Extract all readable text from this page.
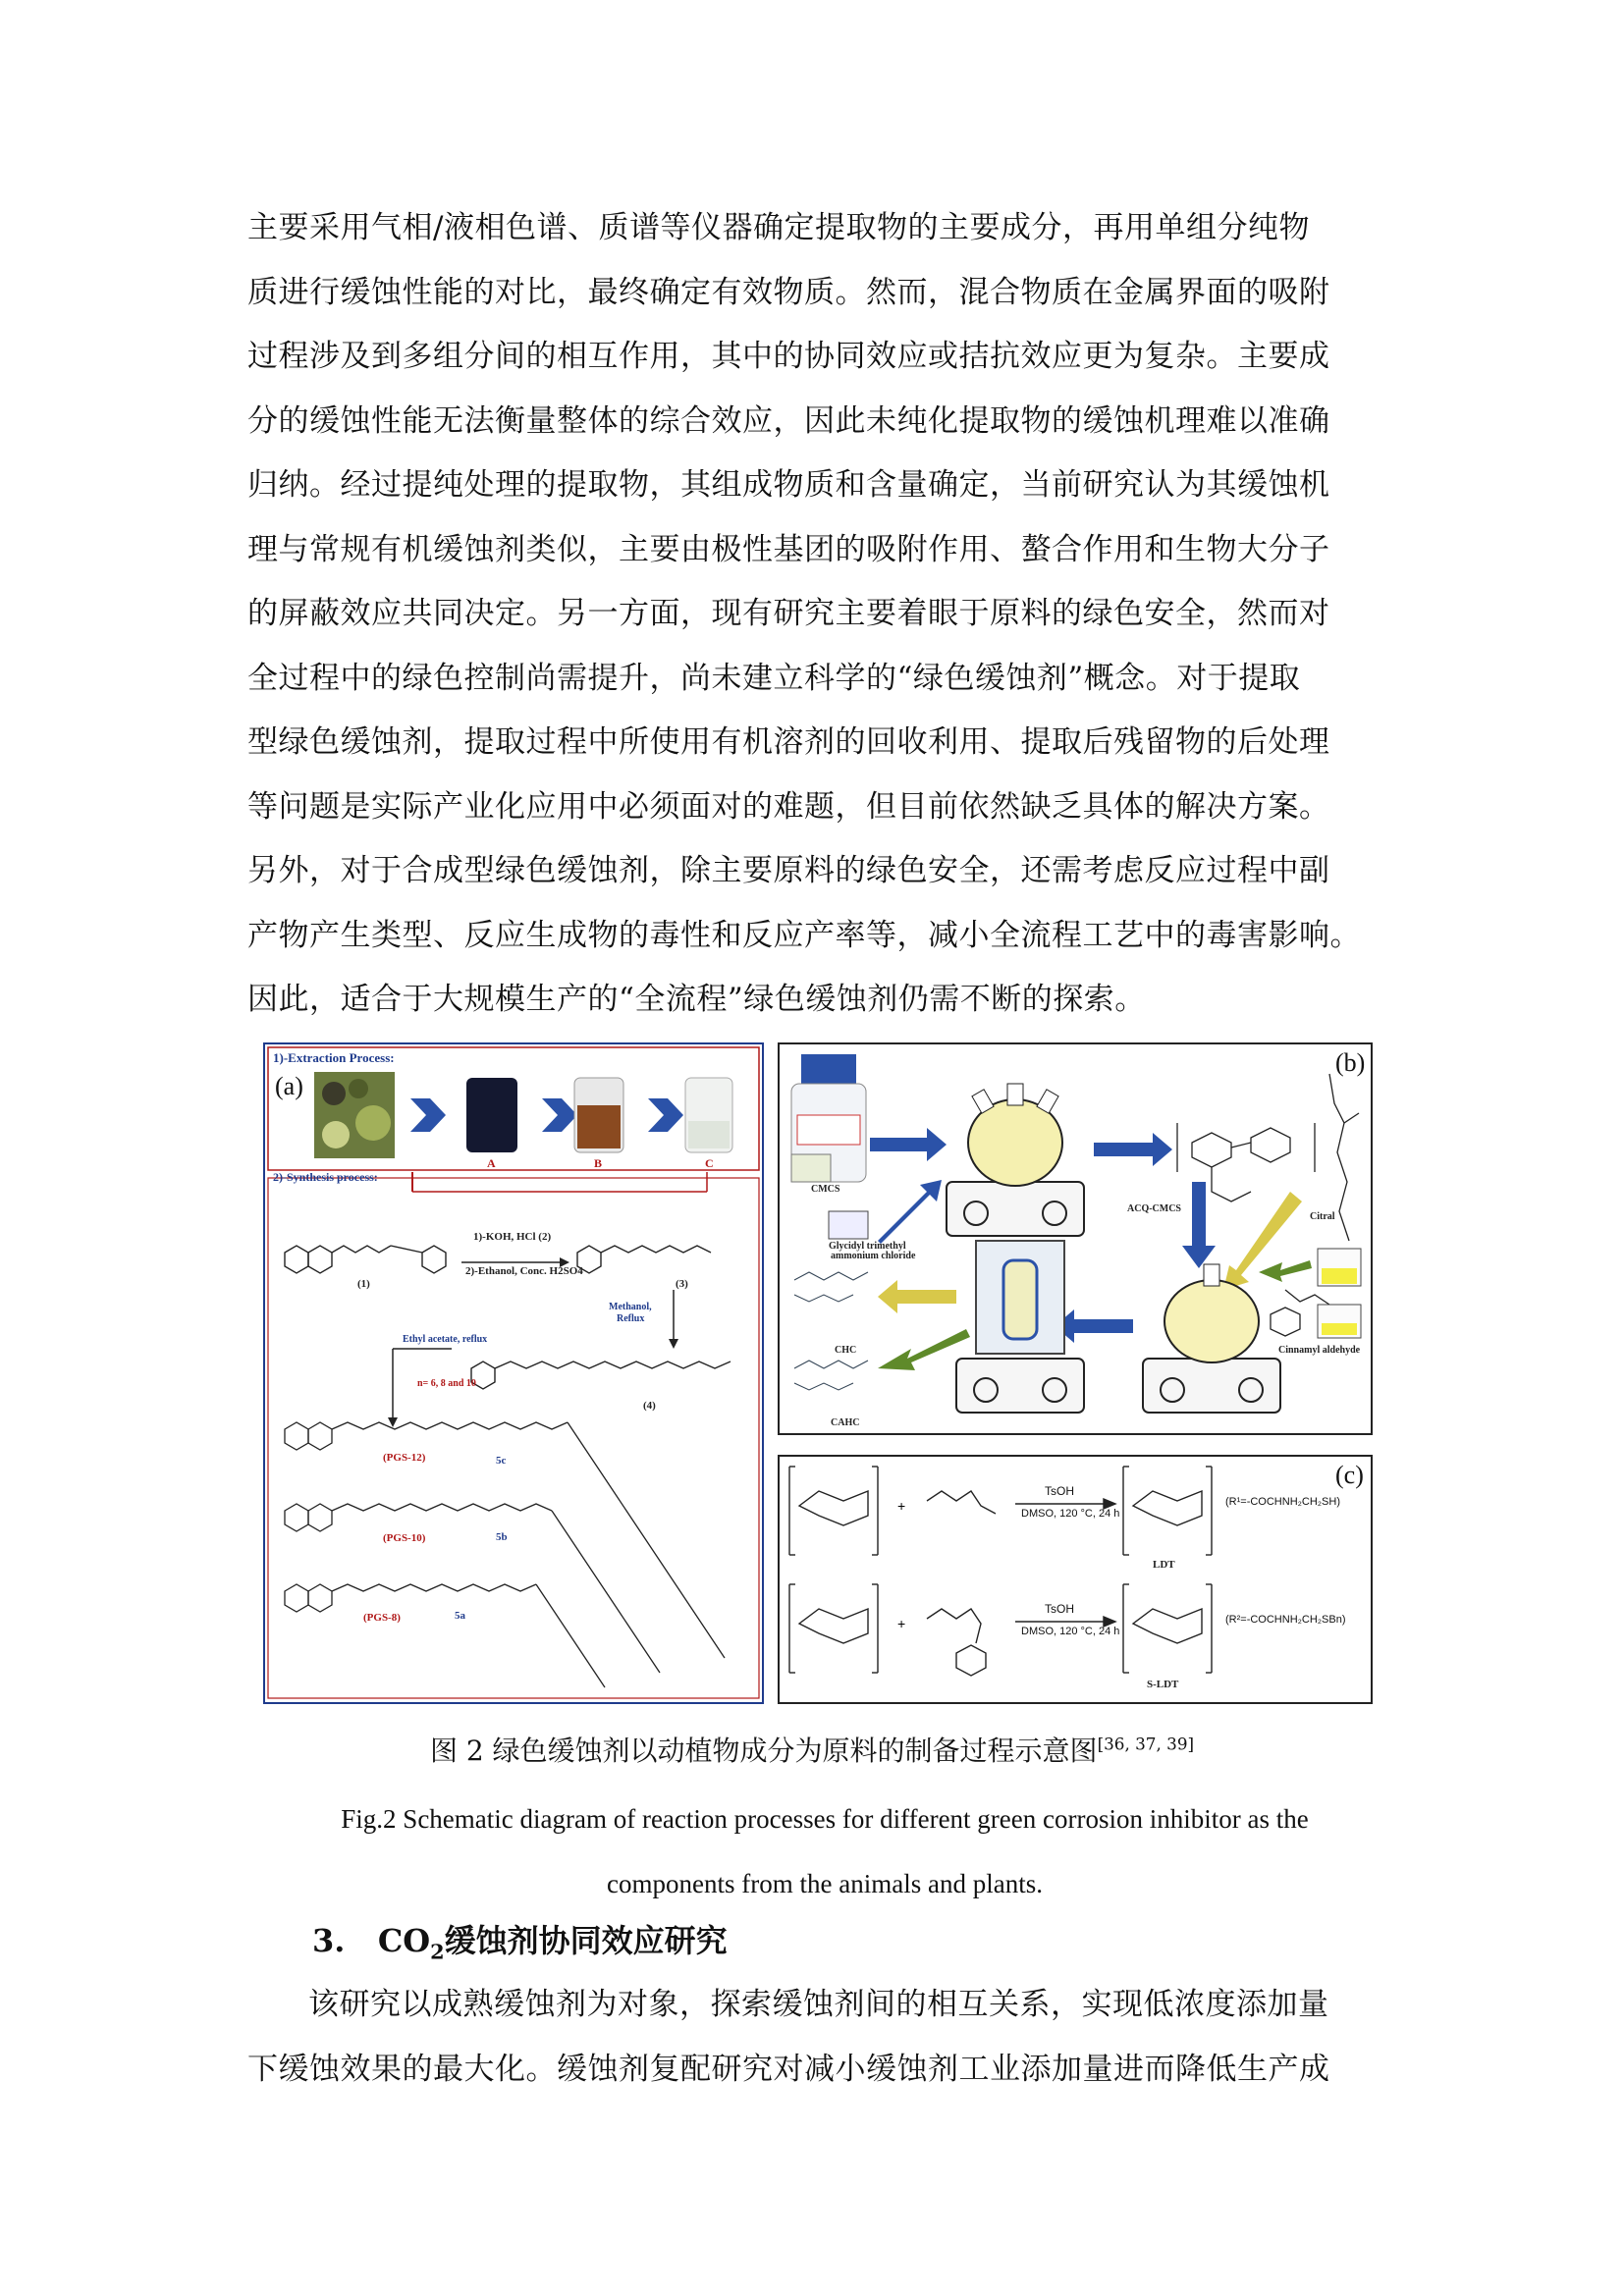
主要采用气相/液相色谱、质谱等仪器确定提取物的主要成分，再用单组分纯物
质进行缓蚀性能的对比，最终确定有效物质。然而，混合物质在金属界面的吸附
过程涉及到多组分间的相互作用，其中的协同效应或拮抗效应更为复杂。主要成
分的缓蚀性能无法衡量整体的综合效应，因此未纯化提取物的缓蚀机理难以准确
归纳。经过提纯处理的提取物，其组成物质和含量确定，当前研究认为其缓蚀机
理与常规有机缓蚀剂类似，主要由极性基团的吸附作用、螯合作用和生物大分子
的屏蔽效应共同决定。另一方面，现有研究主要着眼于原料的绿色安全，然而对
全过程中的绿色控制尚需提升，尚未建立科学的“绿色缓蚀剂”概念。对于提取
型绿色缓蚀剂，提取过程中所使用有机溶剂的回收利用、提取后残留物的后处理
等问题是实际产业化应用中必须面对的难题，但目前依然缺乏具体的解决方案。
另外，对于合成型绿色缓蚀剂，除主要原料的绿色安全，还需考虑反应过程中副
产物产生类型、反应生成物的毒性和反应产率等，减小全流程工艺中的毒害影响。
因此，适合于大规模生产的“全流程”绿色缓蚀剂仍需不断的探索。
(a)
1)-Extraction Process:
A	B	C
2)-Synthesis process:
1)-KOH, HCl (2)
2)-Ethanol, Conc. H2SO4
(1)	(3)
Methanol,
Reflux
Ethyl acetate, reflux
n= 6, 8 and 10
(4)
(PGS-12)	5c
(PGS-10)	5b
(PGS-8)	5a
(b)
CMCS
ACQ-CMCS
Citral
Glycidyl trimethyl
ammonium chloride
CHC	Cinnamyl aldehyde
CAHC
+
+
(c)
TsOH
DMSO, 120 °C, 24 h
(R¹=-COCHNH₂CH₂SH)
LDT
TsOH
DMSO, 120 °C, 24 h
(R²=-COCHNH₂CH₂SBn)
S-LDT
图 2 绿色缓蚀剂以动植物成分为原料的制备过程示意图[36, 37, 39]
Fig.2 Schematic diagram of reaction processes for different green corrosion inhibitor as the
components from the animals and plants.
3. $CO_2$缓蚀剂协同效应研究
该研究以成熟缓蚀剂为对象，探索缓蚀剂间的相互关系，实现低浓度添加量
下缓蚀效果的最大化。缓蚀剂复配研究对减小缓蚀剂工业添加量进而降低生产成
